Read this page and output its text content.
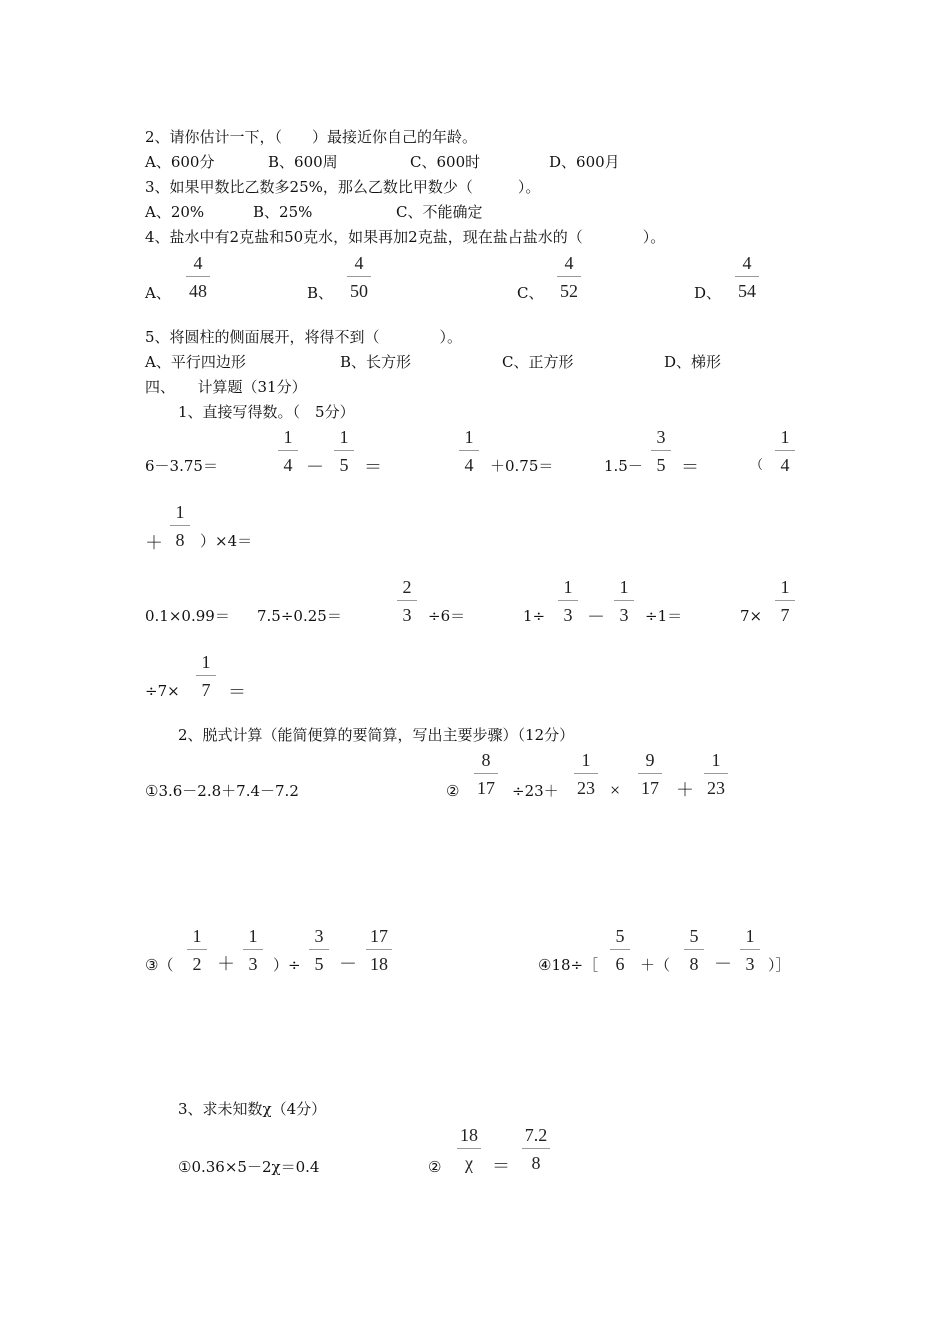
2、请你估计一下，（　　）最接近你自己的年龄。
A、600分	B、600周	C、600时	D、600月
3、如果甲数比乙数多25%，那么乙数比甲数少（　　　）。
A、20%	B、25%	C、不能确定
4、盐水中有2克盐和50克水，如果再加2克盐，现在盐占盐水的（　　　　）。
A、
4
48	B、
4
50	C、
4
52	D、
4
54
5、将圆柱的侧面展开，将得不到（　　　　）。
A、平行四边形	B、长方形	C、正方形	D、梯形
四、　　计算题（31分）
1、直接写得数。（　5分）
6－3.75＝
1
4 －
1
5 ＝
1
4	＋0.75＝	1.5－
3
5 ＝	（
1
4
＋
1
8	）×4＝
0.1×0.99＝ 7.5÷0.25＝
2
3	÷6＝	1÷
1
3 －
1
3	÷1＝	7×
1
7
÷7×
1
7 ＝
2、脱式计算（能简便算的要简算，写出主要步骤）（12分）
①3.6－2.8＋7.4－7.2	②
8
17 ÷23＋
1
23 ×
9
17 ＋
1
23
③（
1
2 ＋
1
3	）÷
3
5 －
17
18	④18÷［
5
6	＋（
5
8 －
1
3 ）］
3、求未知数χ（4分）
①0.36×5－2χ＝0.4	②
18
χ	＝
7.2
8
